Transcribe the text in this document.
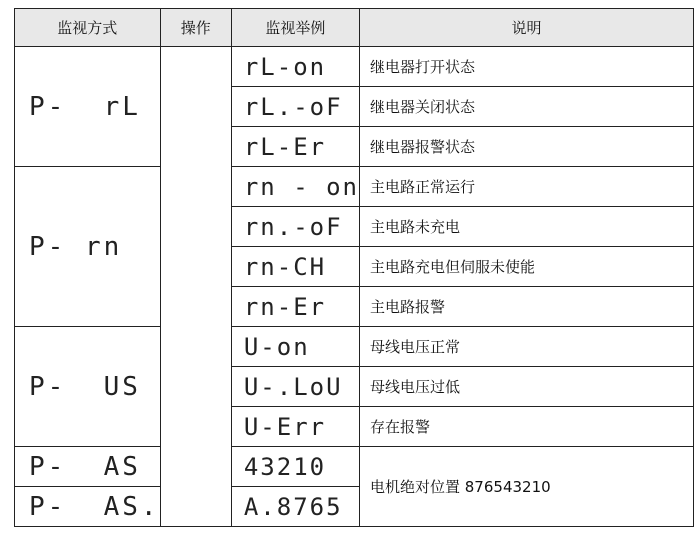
监视方式	操作	监视举例	说明
P-  rL		rL-on	继电器打开状态
		rL.-oF	继电器关闭状态
		rL-Er	继电器报警状态
P- rn		rn - on	主电路正常运行
		rn.-oF	主电路未充电
		rn-CH	主电路充电但伺服未使能
		rn-Er	主电路报警
P-  US		U-on	母线电压正常
		U-.LoU	母线电压过低
		U-Err	存在报警
P-  AS		43210	电机绝对位置 876543210
P-  AS.		A.8765	
